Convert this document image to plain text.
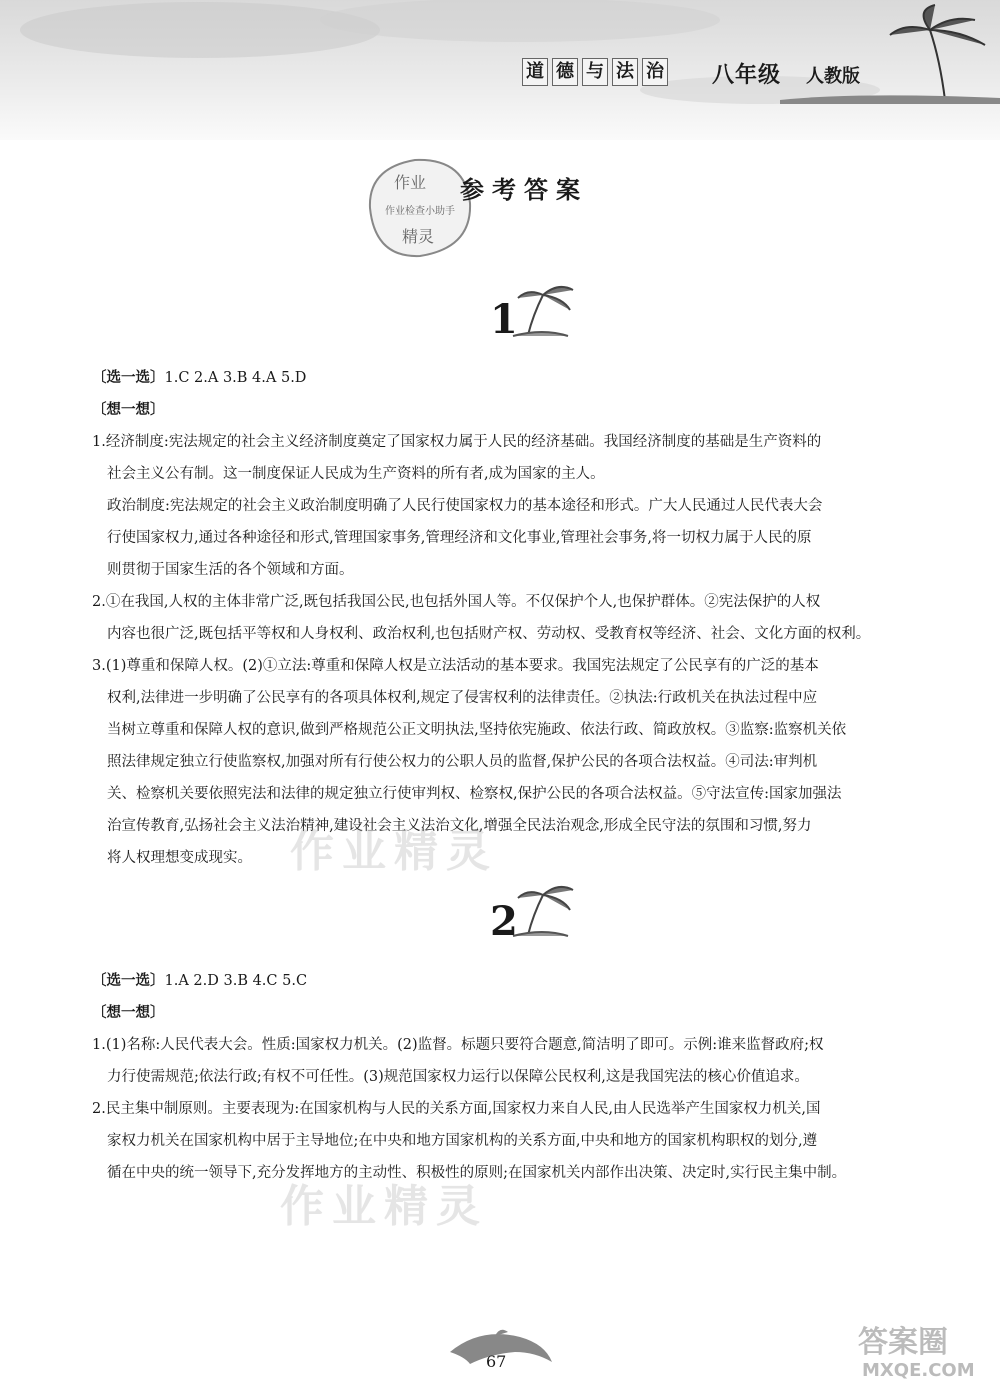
道 德 与 法 治 八年级 人教版
作业
作业检查小助手
精灵
参考答案
1

〔选一选〕1.C 2.A 3.B 4.A 5.D

〔想一想〕

1.经济制度:宪法规定的社会主义经济制度奠定了国家权力属于人民的经济基础。我国经济制度的基础是生产资料的

社会主义公有制。这一制度保证人民成为生产资料的所有者,成为国家的主人。

政治制度:宪法规定的社会主义政治制度明确了人民行使国家权力的基本途径和形式。广大人民通过人民代表大会

行使国家权力,通过各种途径和形式,管理国家事务,管理经济和文化事业,管理社会事务,将一切权力属于人民的原

则贯彻于国家生活的各个领域和方面。

2.①在我国,人权的主体非常广泛,既包括我国公民,也包括外国人等。不仅保护个人,也保护群体。②宪法保护的人权

内容也很广泛,既包括平等权和人身权利、政治权利,也包括财产权、劳动权、受教育权等经济、社会、文化方面的权利。

3.(1)尊重和保障人权。(2)①立法:尊重和保障人权是立法活动的基本要求。我国宪法规定了公民享有的广泛的基本

权利,法律进一步明确了公民享有的各项具体权利,规定了侵害权利的法律责任。②执法:行政机关在执法过程中应

当树立尊重和保障人权的意识,做到严格规范公正文明执法,坚持依宪施政、依法行政、简政放权。③监察:监察机关依

照法律规定独立行使监察权,加强对所有行使公权力的公职人员的监督,保护公民的各项合法权益。④司法:审判机

关、检察机关要依照宪法和法律的规定独立行使审判权、检察权,保护公民的各项合法权益。⑤守法宣传:国家加强法

治宣传教育,弘扬社会主义法治精神,建设社会主义法治文化,增强全民法治观念,形成全民守法的氛围和习惯,努力

将人权理想变成现实。 作业精灵
2

〔选一选〕1.A 2.D 3.B 4.C 5.C

〔想一想〕

1.(1)名称:人民代表大会。性质:国家权力机关。(2)监督。标题只要符合题意,简洁明了即可。示例:谁来监督政府;权

力行使需规范;依法行政;有权不可任性。(3)规范国家权力运行以保障公民权利,这是我国宪法的核心价值追求。

2.民主集中制原则。主要表现为:在国家机构与人民的关系方面,国家权力来自人民,由人民选举产生国家权力机关,国

家权力机关在国家机构中居于主导地位;在中央和地方国家机构的关系方面,中央和地方的国家机构职权的划分,遵

循在中央的统一领导下,充分发挥地方的主动性、积极性的原则;在国家机关内部作出决策、决定时,实行民主集中制。

作业精灵
67
答案圈
MXQE.COM
